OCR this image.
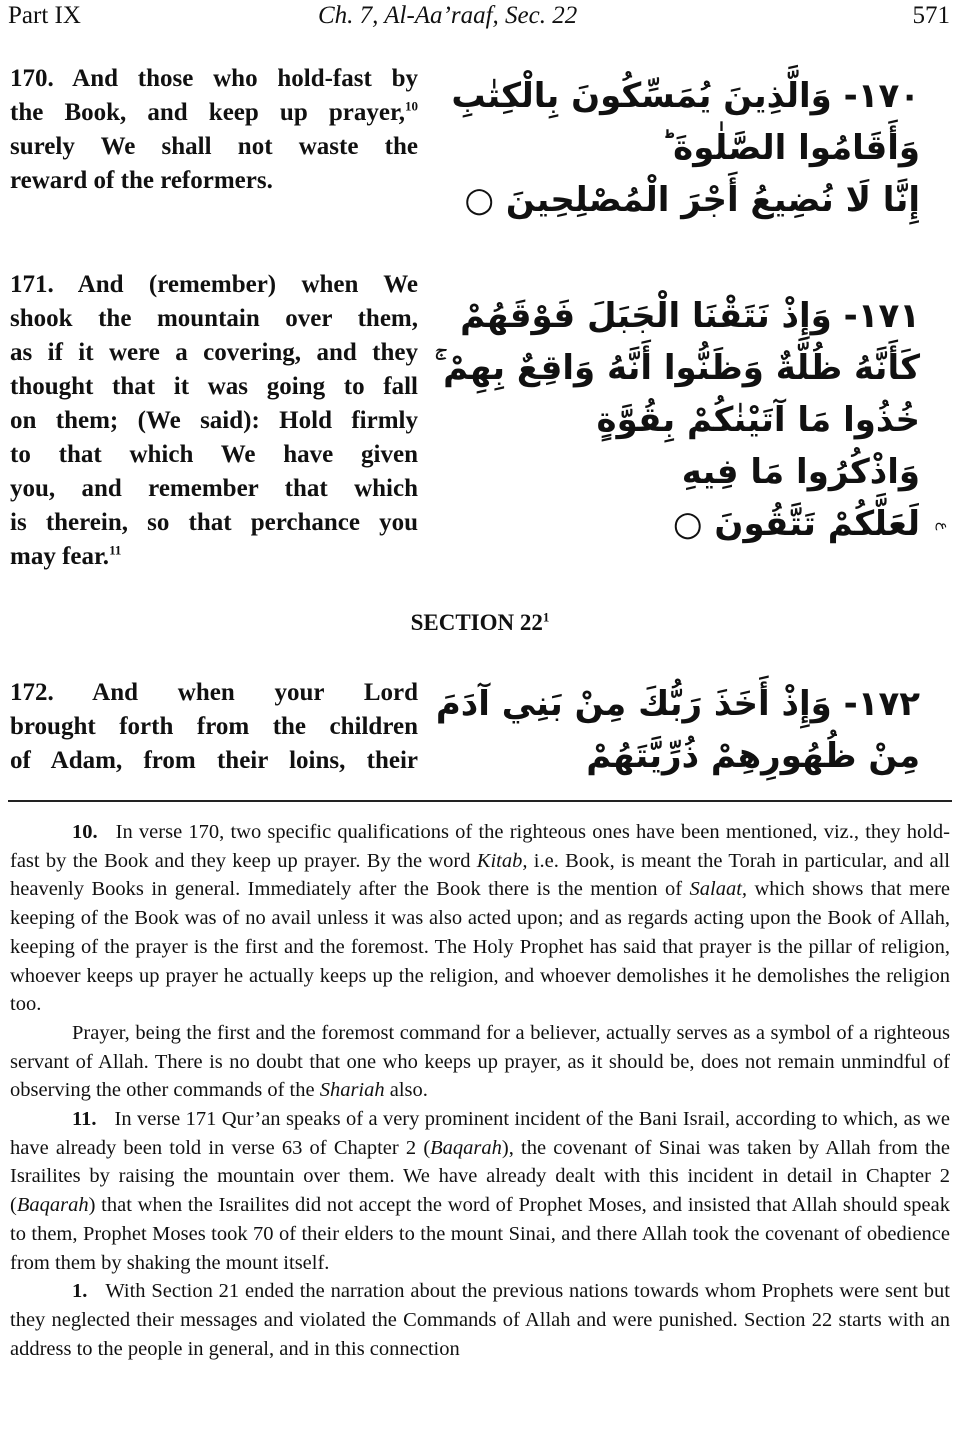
Part IX	Ch. 7, Al-Aa’raaf, Sec. 22	571
170. And those who hold-fast by
the Book, and keep up prayer,$^{10}$
surely We shall not waste the
reward of the reformers.
١٧٠- وَالَّذِينَ يُمَسِّكُونَ بِالْكِتٰبِ
وَأَقَامُوا الصَّلٰوةَ ؕ
إِنَّا لَا نُضِيعُ أَجْرَ الْمُصْلِحِينَ ○
171. And (remember) when We
shook the mountain over them,
as if it were a covering, and they
thought that it was going to fall
on them; (We said): Hold firmly
to that which We have given
you, and remember that which
is therein, so that perchance you
may fear.$^{11}$
١٧١- وَإِذْ نَتَقْنَا الْجَبَلَ فَوْقَهُمْ
كَأَنَّهُ ظُلَّةٌ وَظَنُّوا أَنَّهُ وَاقِعٌ بِهِمْ ۚ
خُذُوا مَا آتَيْنٰكُمْ بِقُوَّةٍ
وَاذْكُرُوا مَا فِيهِ
لَعَلَّكُمْ تَتَّقُونَ ○ ع
SECTION $22^1$
172. And when your Lord
brought forth from the children
of Adam, from their loins, their
١٧٢- وَإِذْ أَخَذَ رَبُّكَ مِنْ بَنِي آدَمَ
مِنْ ظُهُورِهِمْ ذُرِّيَّتَهُمْ

10. In verse 170, two specific qualifications of the righteous ones have been mentioned, viz., they hold-fast by the Book and they keep up prayer. By the word Kitab, i.e. Book, is meant the Torah in particular, and all heavenly Books in general. Immediately after the Book there is the mention of Salaat, which shows that mere keeping of the Book was of no avail unless it was also acted upon; and as regards acting upon the Book of Allah, keeping of the prayer is the first and the foremost. The Holy Prophet has said that prayer is the pillar of religion, whoever keeps up prayer he actually keeps up the religion, and whoever demolishes it he demolishes the religion too.

Prayer, being the first and the foremost command for a believer, actually serves as a symbol of a righteous servant of Allah. There is no doubt that one who keeps up prayer, as it should be, does not remain unmindful of observing the other commands of the Shariah also.

11. In verse 171 Qur’an speaks of a very prominent incident of the Bani Israil, according to which, as we have already been told in verse 63 of Chapter 2 (Baqarah), the covenant of Sinai was taken by Allah from the Israilites by raising the mountain over them. We have already dealt with this incident in detail in Chapter 2 (Baqarah) that when the Israilites did not accept the word of Prophet Moses, and insisted that Allah should speak to them, Prophet Moses took 70 of their elders to the mount Sinai, and there Allah took the covenant of obedience from them by shaking the mount itself.

1. With Section 21 ended the narration about the previous nations towards whom Prophets were sent but they neglected their messages and violated the Commands of Allah and were punished. Section 22 starts with an address to the people in general, and in this connection
